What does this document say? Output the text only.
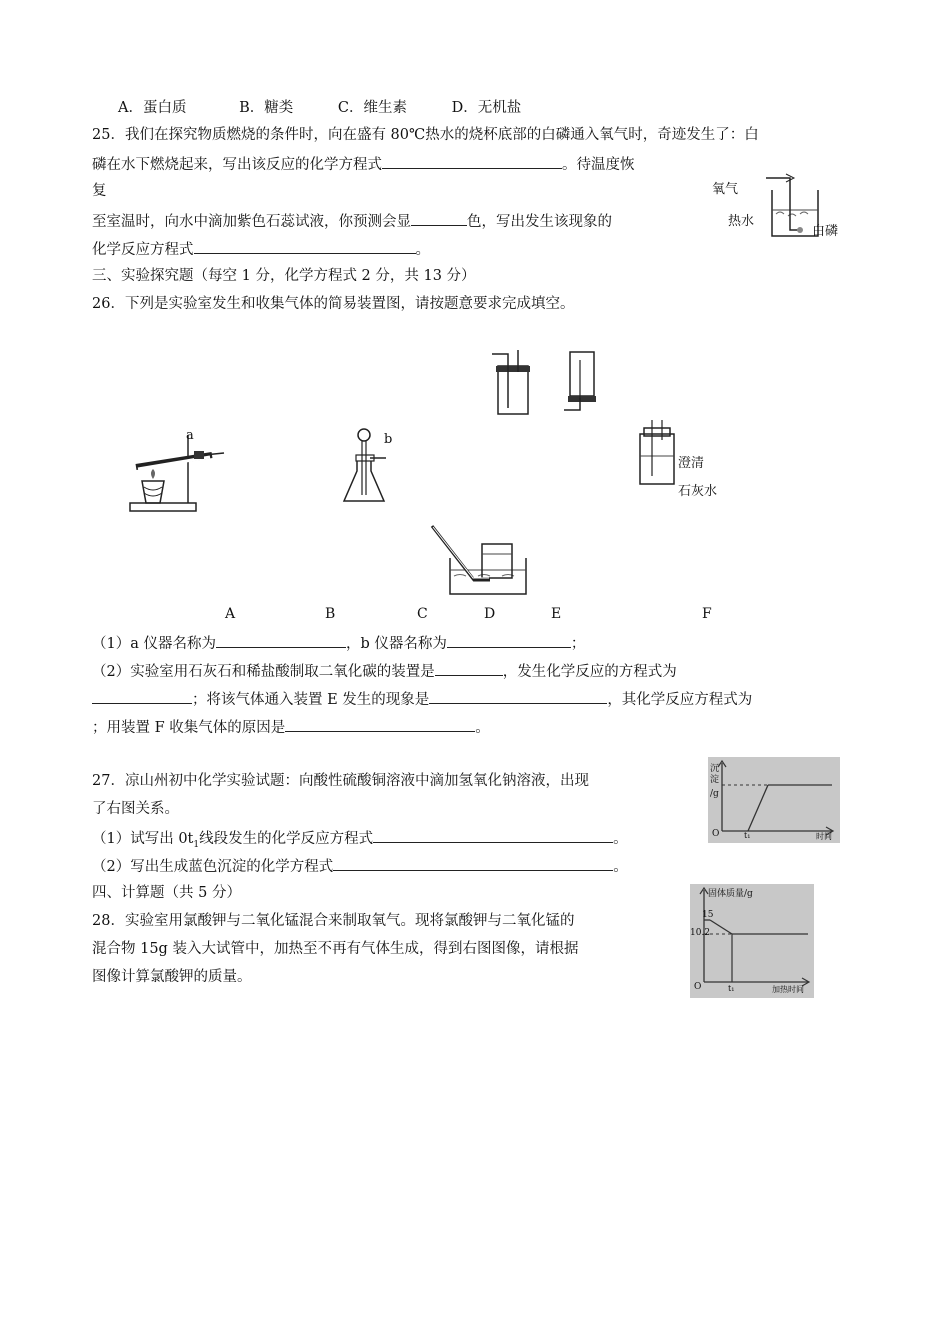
A．蛋白质	B．糖类	C．维生素	D．无机盐
25．我们在探究物质燃烧的条件时，向在盛有 80℃热水的烧杯底部的白磷通入氧气时，奇迹发生了：白
磷在水下燃烧起来，写出该反应的化学方程式	。待温度恢
复
至室温时，向水中滴加紫色石蕊试液，你预测会显	色，写出发生该现象的
化学反应方程式	。
氧气
热水
白磷
三、实验探究题（每空 1 分，化学方程式 2 分，共 13 分）
26．下列是实验室发生和收集气体的简易装置图，请按题意要求完成填空。
a	b
澄清
石灰水
A	B	C	D	E	F
（1）a 仪器名称为	，b 仪器名称为	；
（2）实验室用石灰石和稀盐酸制取二氧化碳的装置是	，发生化学反应的方程式为
；将该气体通入装置 E 发生的现象是	，其化学反应方程式为
；用装置 F 收集气体的原因是	。
27．凉山州初中化学实验试题：向酸性硫酸铜溶液中滴加氢氧化钠溶液，出现
了右图关系。
（1）试写出 $0t_1$线段发生的化学反应方程式	。
（2）写出生成蓝色沉淀的化学方程式	。
沉
淀
/g
O	t₁	时间
四、计算题（共 5 分）
28．实验室用氯酸钾与二氧化锰混合来制取氧气。现将氯酸钾与二氧化锰的
混合物 15g 装入大试管中，加热至不再有气体生成，得到右图图像，请根据
图像计算氯酸钾的质量。
固体质量/g
15
10.2
O	t₁	加热时间
